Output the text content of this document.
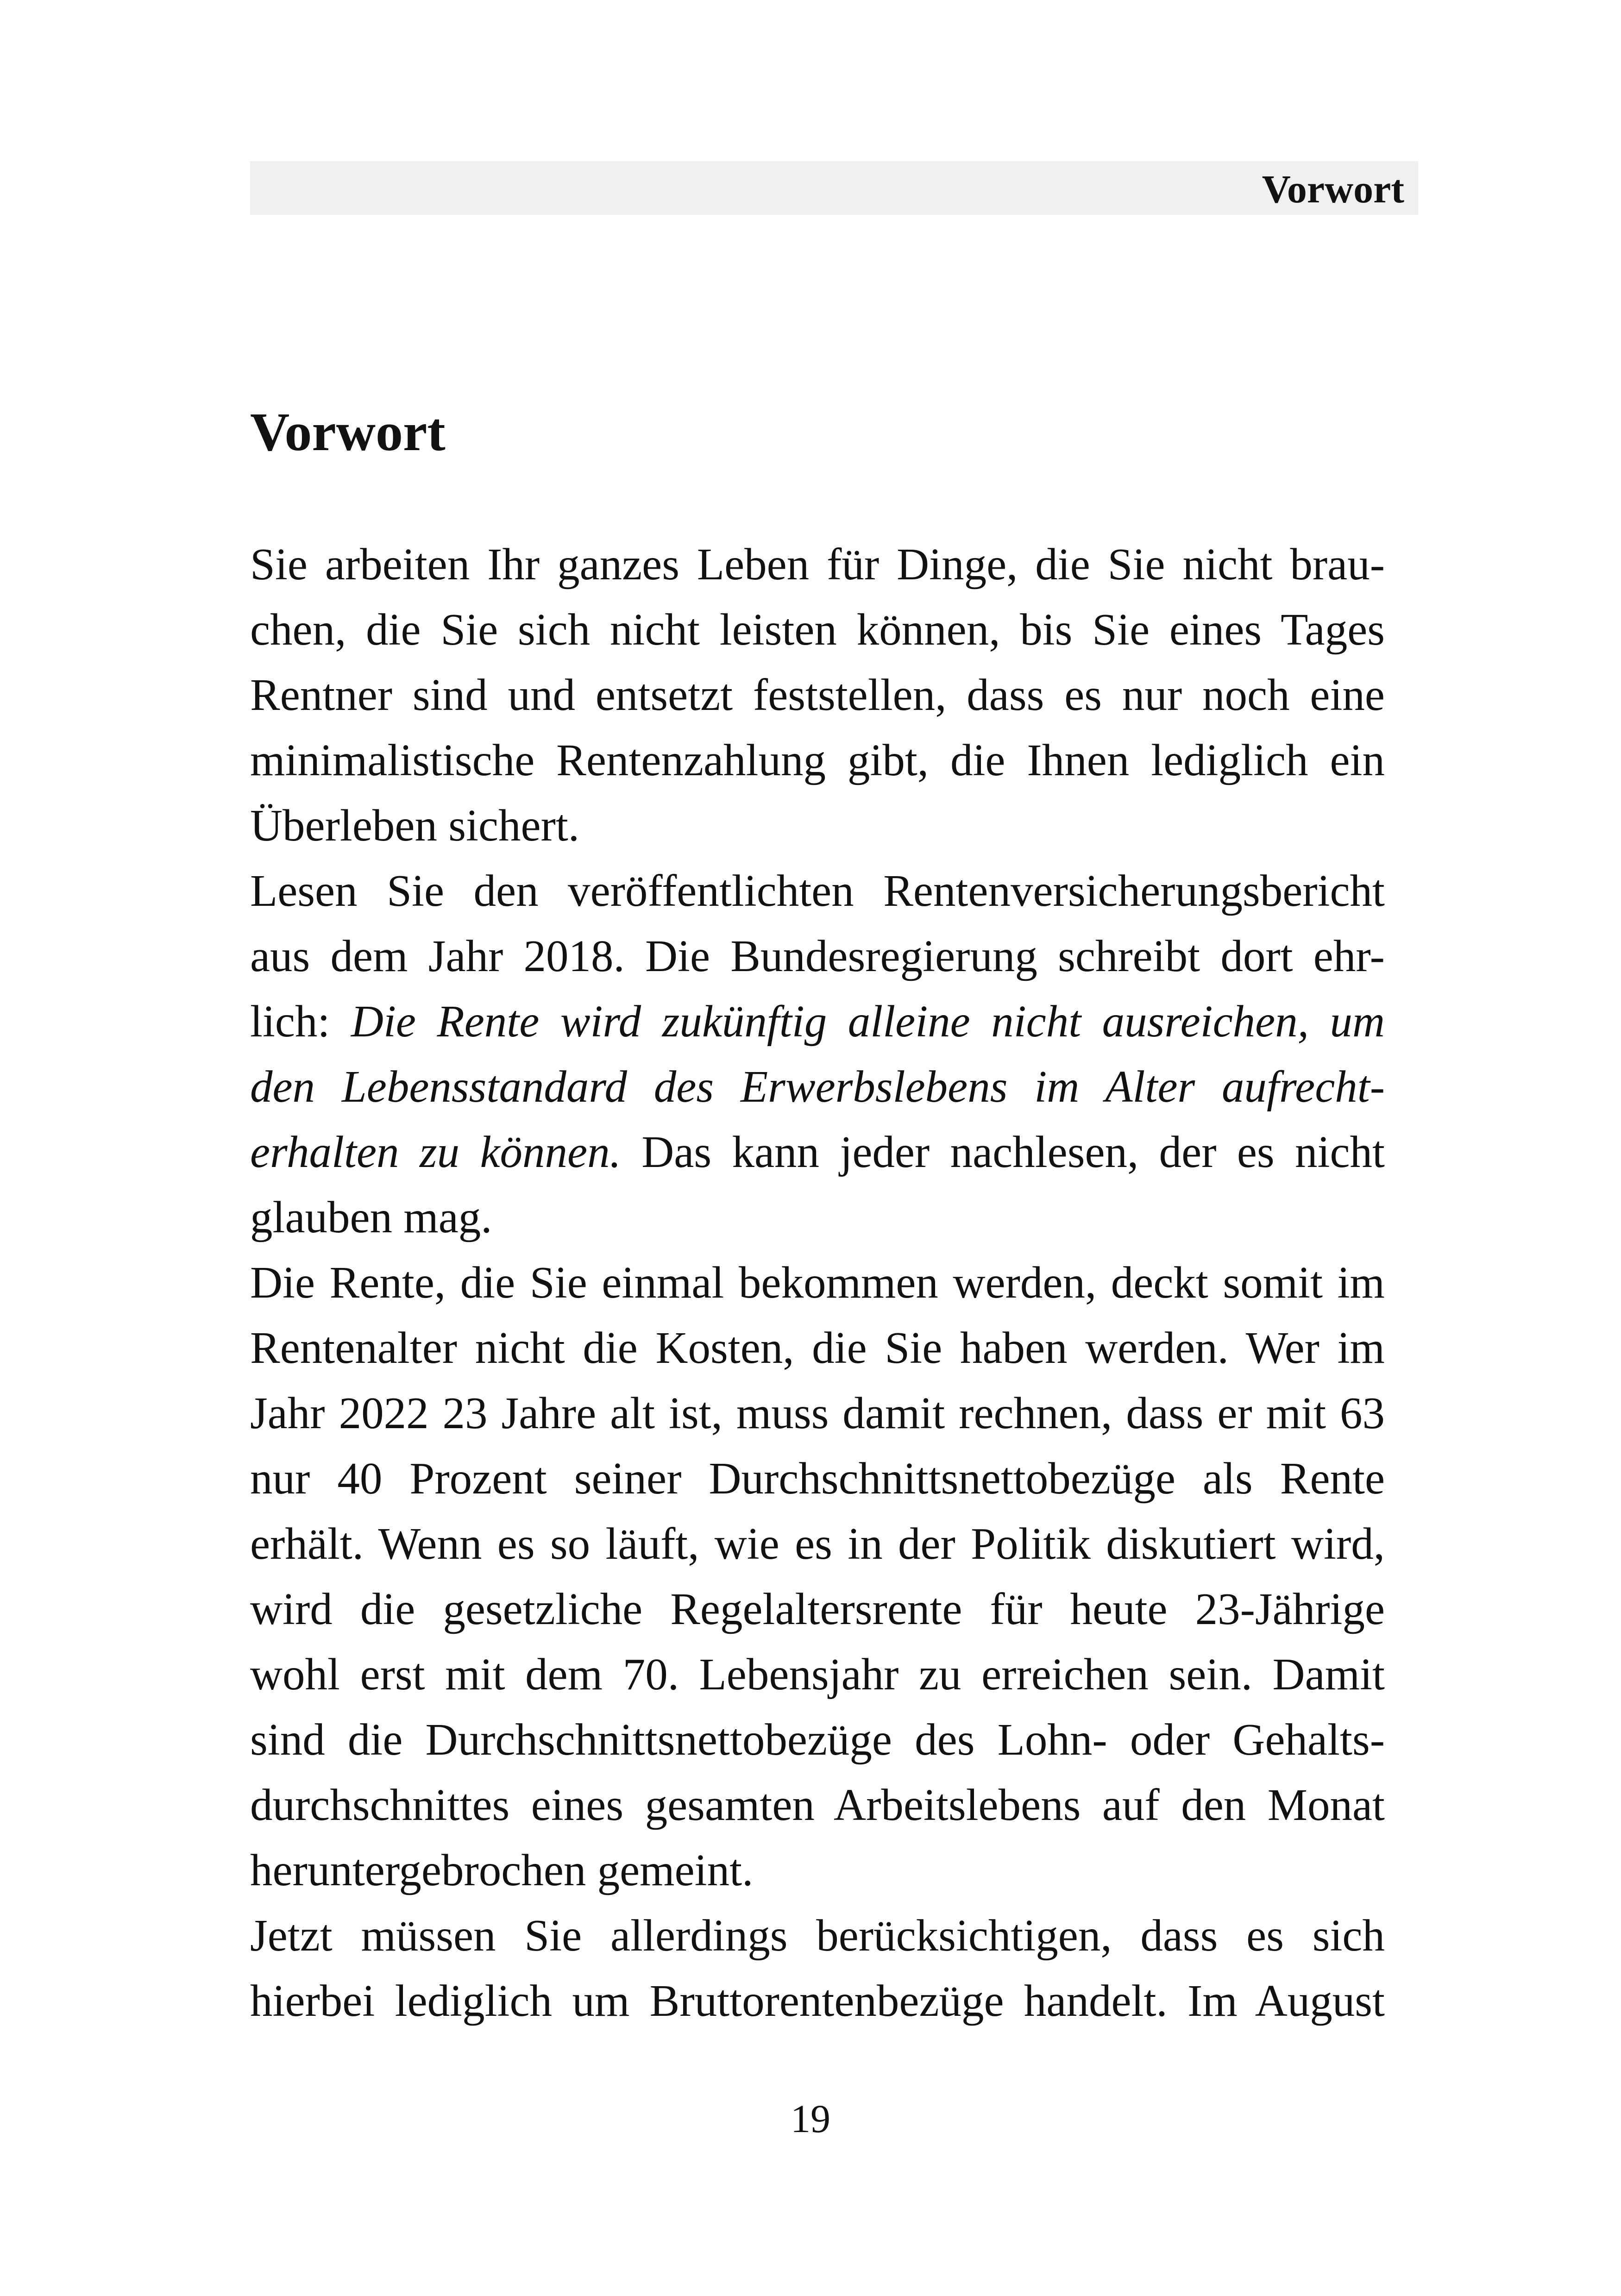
Vorwort
Vorwort
Sie arbeiten Ihr ganzes Leben für Dinge, die Sie nicht brau-
chen, die Sie sich nicht leisten können, bis Sie eines Tages
Rentner sind und entsetzt feststellen, dass es nur noch eine
minimalistische Rentenzahlung gibt, die Ihnen lediglich ein
Überleben sichert.
Lesen Sie den veröffentlichten Rentenversicherungsbericht
aus dem Jahr 2018. Die Bundesregierung schreibt dort ehr-
lich: Die Rente wird zukünftig alleine nicht ausreichen, um
den Lebensstandard des Erwerbslebens im Alter aufrecht-
erhalten zu können. Das kann jeder nachlesen, der es nicht
glauben mag.
Die Rente, die Sie einmal bekommen werden, deckt somit im
Rentenalter nicht die Kosten, die Sie haben werden. Wer im
Jahr 2022 23 Jahre alt ist, muss damit rechnen, dass er mit 63
nur 40 Prozent seiner Durchschnittsnettobezüge als Rente
erhält. Wenn es so läuft, wie es in der Politik diskutiert wird,
wird die gesetzliche Regelaltersrente für heute 23-Jährige
wohl erst mit dem 70. Lebensjahr zu erreichen sein. Damit
sind die Durchschnittsnettobezüge des Lohn- oder Gehalts-
durchschnittes eines gesamten Arbeitslebens auf den Monat
heruntergebrochen gemeint.
Jetzt müssen Sie allerdings berücksichtigen, dass es sich
hierbei lediglich um Bruttorentenbezüge handelt. Im August
19
